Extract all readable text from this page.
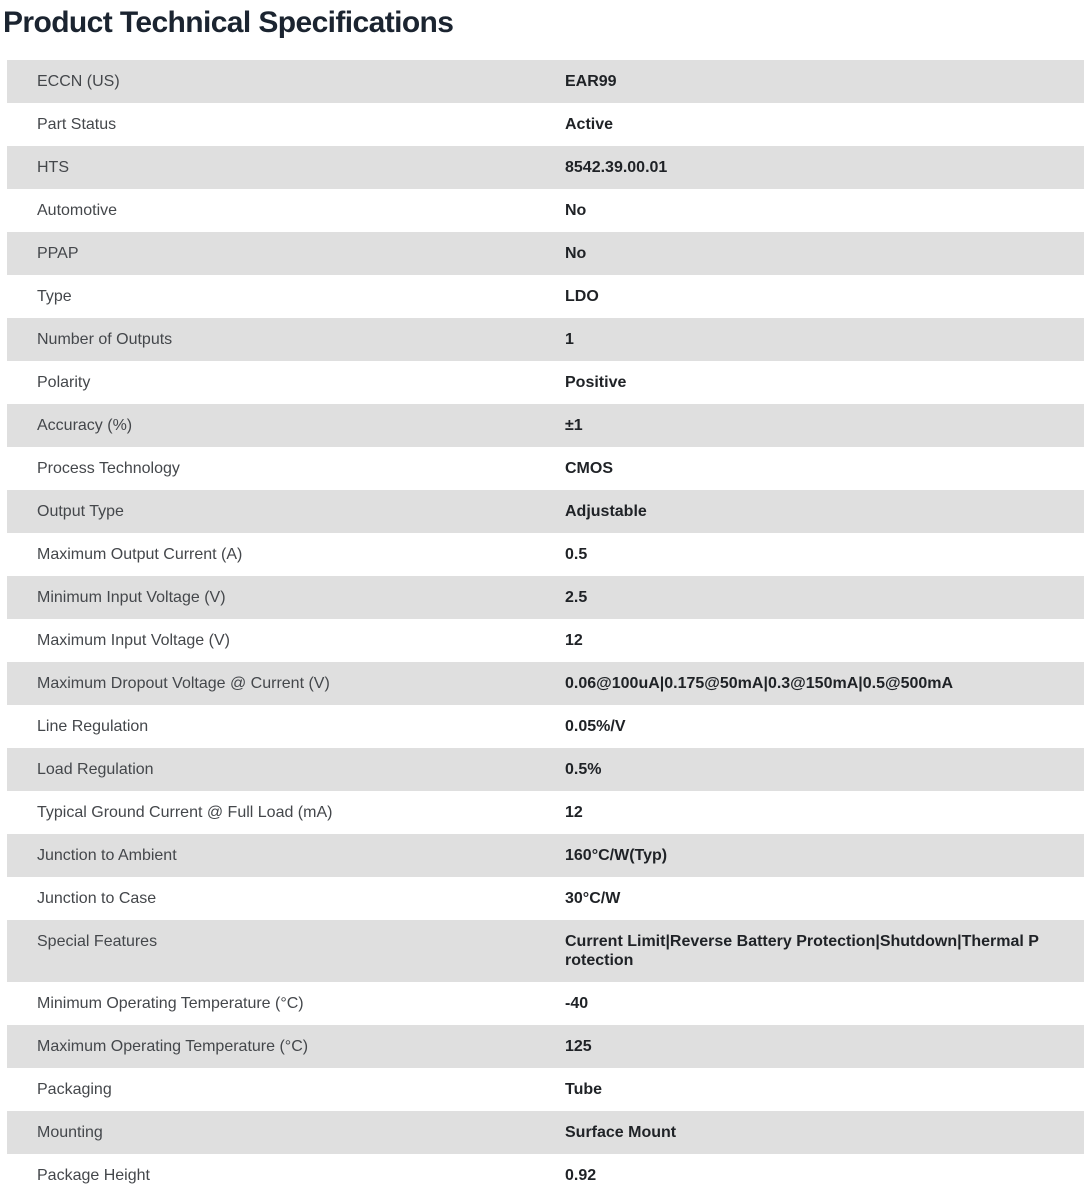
Product Technical Specifications
ECCN (US)	EAR99
Part Status	Active
HTS	8542.39.00.01
Automotive	No
PPAP	No
Type	LDO
Number of Outputs	1
Polarity	Positive
Accuracy (%)	±1
Process Technology	CMOS
Output Type	Adjustable
Maximum Output Current (A)	0.5
Minimum Input Voltage (V)	2.5
Maximum Input Voltage (V)	12
Maximum Dropout Voltage @ Current (V)	0.06@100uA|0.175@50mA|0.3@150mA|0.5@500mA
Line Regulation	0.05%/V
Load Regulation	0.5%
Typical Ground Current @ Full Load (mA)	12
Junction to Ambient	160°C/W(Typ)
Junction to Case	30°C/W
Special Features	Current Limit|Reverse Battery Protection|Shutdown|Thermal Protection
Minimum Operating Temperature (°C)	-40
Maximum Operating Temperature (°C)	125
Packaging	Tube
Mounting	Surface Mount
Package Height	0.92
